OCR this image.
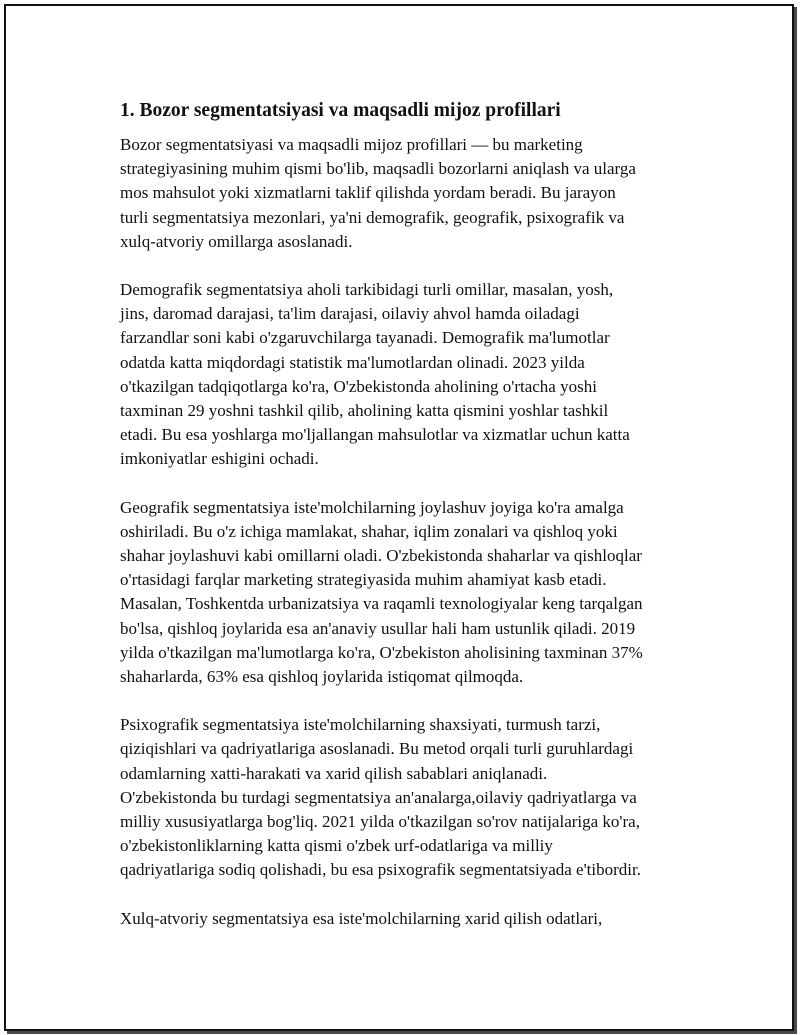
1. Bozor segmentatsiyasi va maqsadli mijoz profillari

Bozor segmentatsiyasi va maqsadli mijoz profillari — bu marketing
strategiyasining muhim qismi bo'lib, maqsadli bozorlarni aniqlash va ularga
mos mahsulot yoki xizmatlarni taklif qilishda yordam beradi. Bu jarayon
turli segmentatsiya mezonlari, ya'ni demografik, geografik, psixografik va
xulq-atvoriy omillarga asoslanadi.

Demografik segmentatsiya aholi tarkibidagi turli omillar, masalan, yosh,
jins, daromad darajasi, ta'lim darajasi, oilaviy ahvol hamda oiladagi
farzandlar soni kabi o'zgaruvchilarga tayanadi. Demografik ma'lumotlar
odatda katta miqdordagi statistik ma'lumotlardan olinadi. 2023 yilda
o'tkazilgan tadqiqotlarga ko'ra, O'zbekistonda aholining o'rtacha yoshi
taxminan 29 yoshni tashkil qilib, aholining katta qismini yoshlar tashkil
etadi. Bu esa yoshlarga mo'ljallangan mahsulotlar va xizmatlar uchun katta
imkoniyatlar eshigini ochadi.

Geografik segmentatsiya iste'molchilarning joylashuv joyiga ko'ra amalga
oshiriladi. Bu o'z ichiga mamlakat, shahar, iqlim zonalari va qishloq yoki
shahar joylashuvi kabi omillarni oladi. O'zbekistonda shaharlar va qishloqlar
o'rtasidagi farqlar marketing strategiyasida muhim ahamiyat kasb etadi.
Masalan, Toshkentda urbanizatsiya va raqamli texnologiyalar keng tarqalgan
bo'lsa, qishloq joylarida esa an'anaviy usullar hali ham ustunlik qiladi. 2019
yilda o'tkazilgan ma'lumotlarga ko'ra, O'zbekiston aholisining taxminan 37%
shaharlarda, 63% esa qishloq joylarida istiqomat qilmoqda.

Psixografik segmentatsiya iste'molchilarning shaxsiyati, turmush tarzi,
qiziqishlari va qadriyatlariga asoslanadi. Bu metod orqali turli guruhlardagi
odamlarning xatti-harakati va xarid qilish sabablari aniqlanadi.
O'zbekistonda bu turdagi segmentatsiya an'analarga,oilaviy qadriyatlarga va
milliy xususiyatlarga bog'liq. 2021 yilda o'tkazilgan so'rov natijalariga ko'ra,
o'zbekistonliklarning katta qismi o'zbek urf-odatlariga va milliy
qadriyatlariga sodiq qolishadi, bu esa psixografik segmentatsiyada e'tibordir.

Xulq-atvoriy segmentatsiya esa iste'molchilarning xarid qilish odatlari,
